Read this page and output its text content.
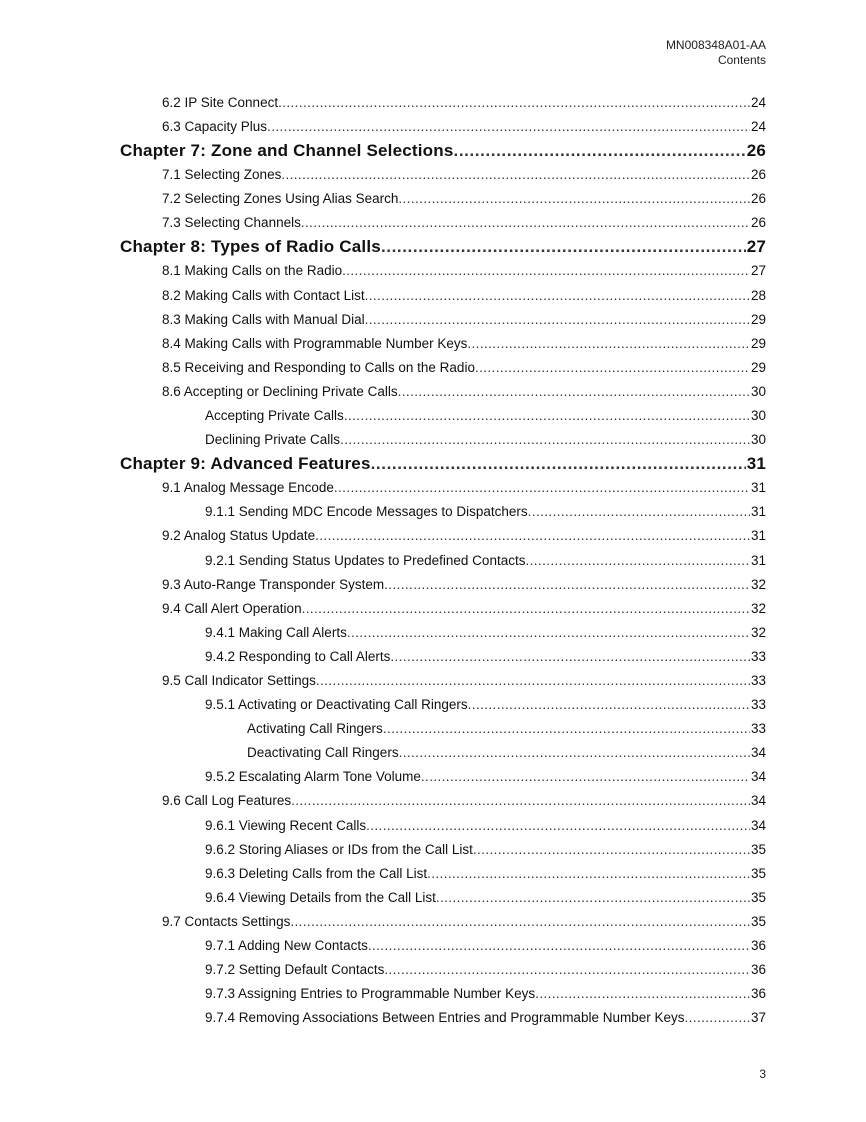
MN008348A01-AA
Contents
6.2 IP Site Connect .....	24
6.3 Capacity Plus .....	24
Chapter 7: Zone and Channel Selections .....	26
7.1 Selecting Zones .....	26
7.2 Selecting Zones Using Alias Search .....	26
7.3 Selecting Channels .....	26
Chapter 8: Types of Radio Calls .....	27
8.1 Making Calls on the Radio .....	27
8.2 Making Calls with Contact List .....	28
8.3 Making Calls with Manual Dial .....	29
8.4 Making Calls with Programmable Number Keys .....	29
8.5 Receiving and Responding to Calls on the Radio .....	29
8.6 Accepting or Declining Private Calls .....	30
Accepting Private Calls .....	30
Declining Private Calls .....	30
Chapter 9: Advanced Features .....	31
9.1 Analog Message Encode .....	31
9.1.1 Sending MDC Encode Messages to Dispatchers .....	31
9.2 Analog Status Update .....	31
9.2.1 Sending Status Updates to Predefined Contacts .....	31
9.3 Auto-Range Transponder System .....	32
9.4 Call Alert Operation .....	32
9.4.1 Making Call Alerts .....	32
9.4.2 Responding to Call Alerts .....	33
9.5 Call Indicator Settings .....	33
9.5.1 Activating or Deactivating Call Ringers .....	33
Activating Call Ringers .....	33
Deactivating Call Ringers .....	34
9.5.2 Escalating Alarm Tone Volume .....	34
9.6 Call Log Features .....	34
9.6.1 Viewing Recent Calls .....	34
9.6.2 Storing Aliases or IDs from the Call List .....	35
9.6.3 Deleting Calls from the Call List .....	35
9.6.4 Viewing Details from the Call List .....	35
9.7 Contacts Settings .....	35
9.7.1 Adding New Contacts .....	36
9.7.2 Setting Default Contacts .....	36
9.7.3 Assigning Entries to Programmable Number Keys .....	36
9.7.4 Removing Associations Between Entries and Programmable Number Keys .....	37
3
